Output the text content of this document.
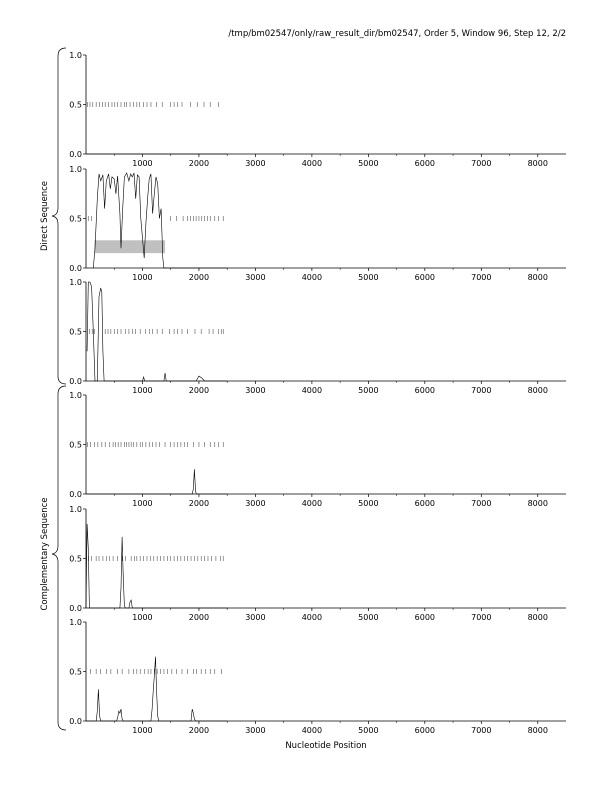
/tmp/bm02547/only/raw_result_dir/bm02547, Order 5, Window 96, Step 12, 2/2
0.0
0.5
1.0
1000	2000	3000	4000	5000	6000	7000	8000
0.0
0.5
1.0
1000	2000	3000	4000	5000	6000	7000	8000
0.0
0.5
1.0
1000	2000	3000	4000	5000	6000	7000	8000
0.0
0.5
1.0
1000	2000	3000	4000	5000	6000	7000	8000
0.0
0.5
1.0
1000	2000	3000	4000	5000	6000	7000	8000
0.0
0.5
1.0
1000	2000	3000	4000	5000	6000	7000	8000
Direct Sequence
Complementary Sequence
Nucleotide Position
